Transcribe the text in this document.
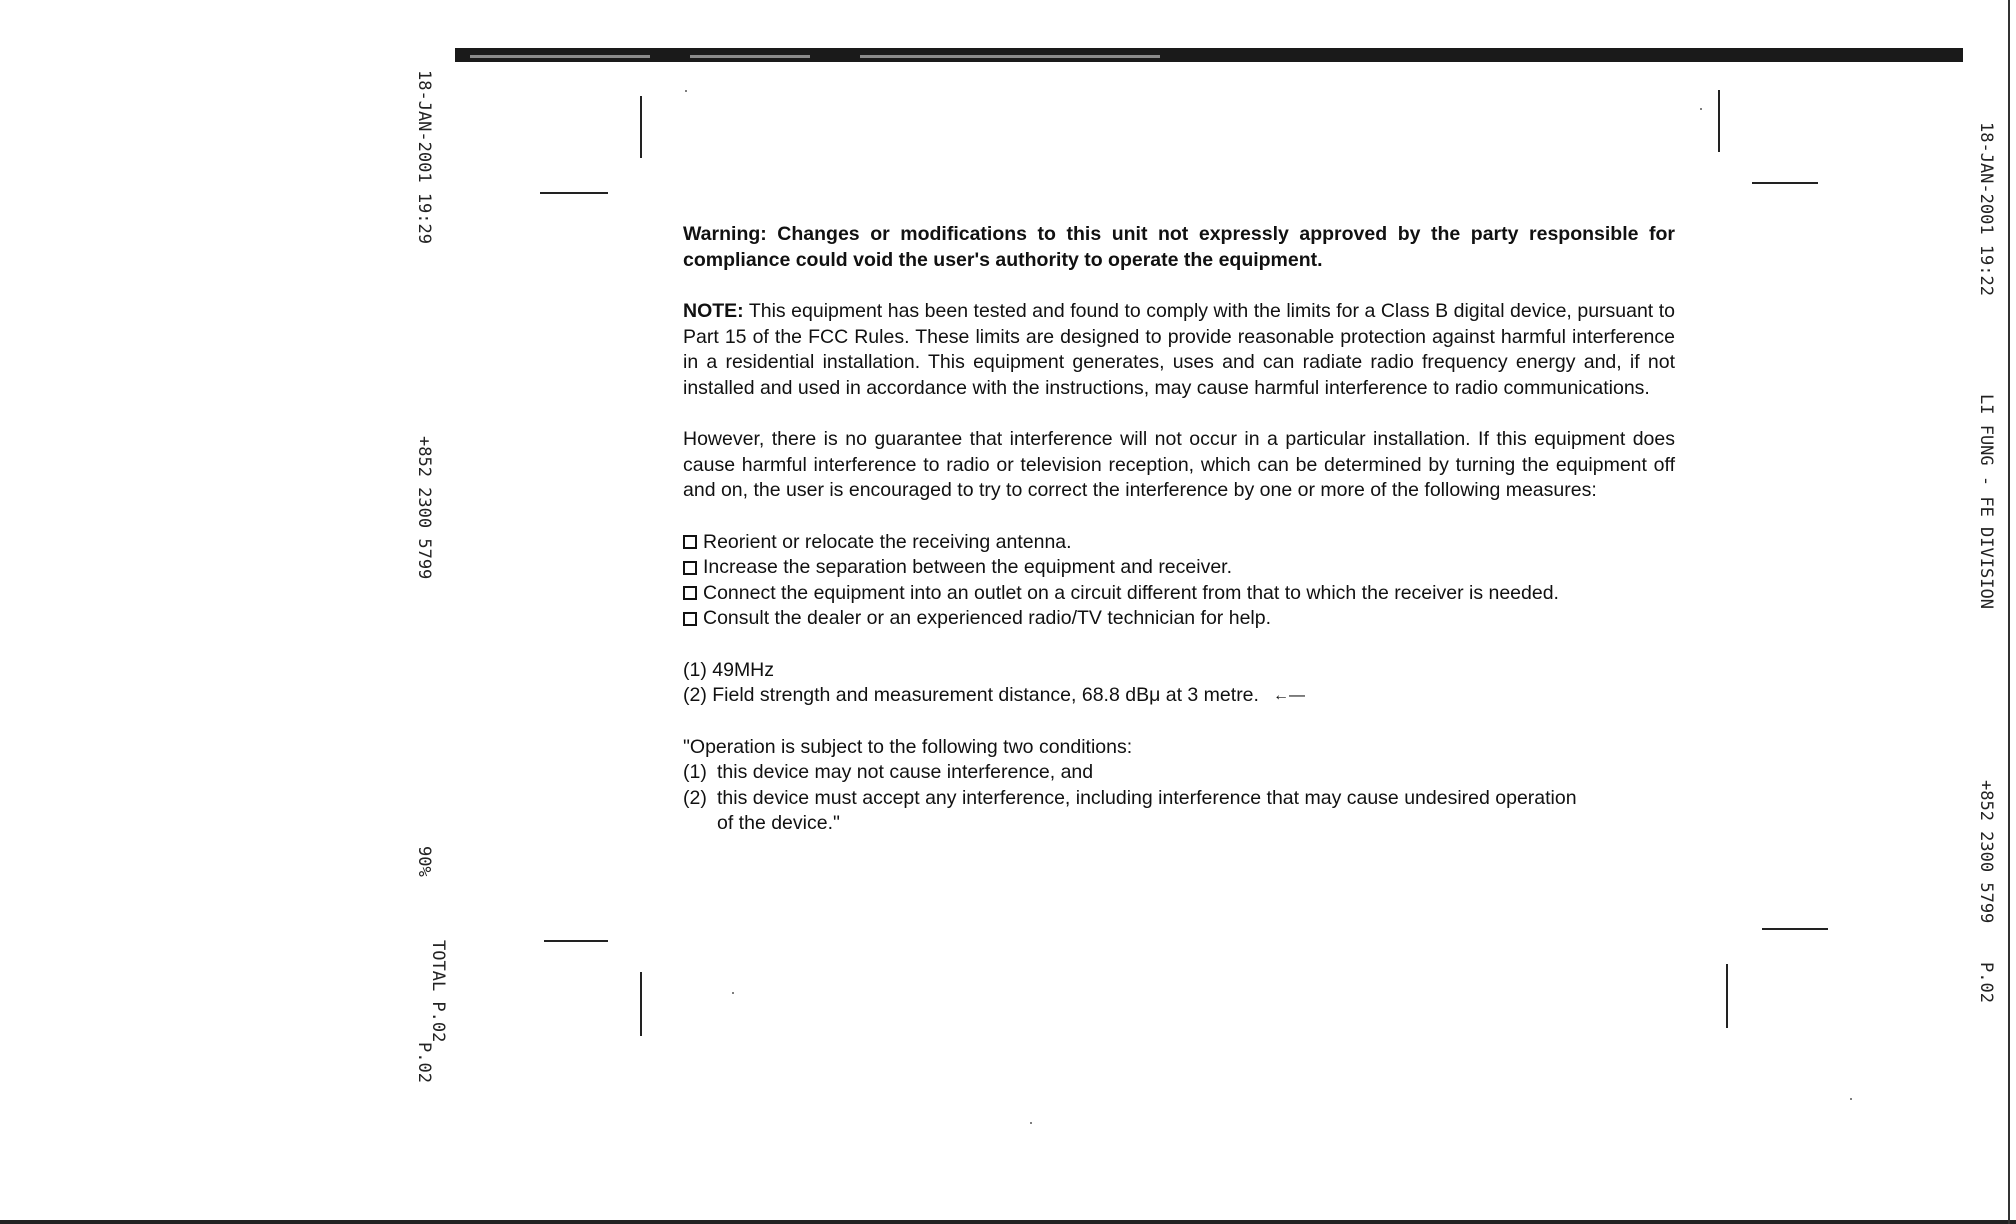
18-JAN-2001 19:29
+852 2300 5799
90%
TOTAL P.02
P.02
18-JAN-2001 19:22
LI FUNG - FE DIVISION
+852 2300 5799
P.02

Warning: Changes or modifications to this unit not expressly approved by the party responsible for compliance could void the user's authority to operate the equipment.

NOTE: This equipment has been tested and found to comply with the limits for a Class B digital device, pursuant to Part 15 of the FCC Rules. These limits are designed to provide reasonable protection against harmful interference in a residential installation. This equipment generates, uses and can radiate radio frequency energy and, if not installed and used in accordance with the instructions, may cause harmful interference to radio communications.

However, there is no guarantee that interference will not occur in a particular installation. If this equipment does cause harmful interference to radio or television reception, which can be determined by turning the equipment off and on, the user is encouraged to try to correct the interference by one or more of the following measures:

Reorient or relocate the receiving antenna.
Increase the separation between the equipment and receiver.
Connect the equipment into an outlet on a circuit different from that to which the receiver is needed.
Consult the dealer or an experienced radio/TV technician for help.
(1) 49MHz
(2) Field strength and measurement distance, 68.8 dBμ at 3 metre. ←—
"Operation is subject to the following two conditions:
(1) this device may not cause interference, and
(2) this device must accept any interference, including interference that may cause undesired operation of the device."
